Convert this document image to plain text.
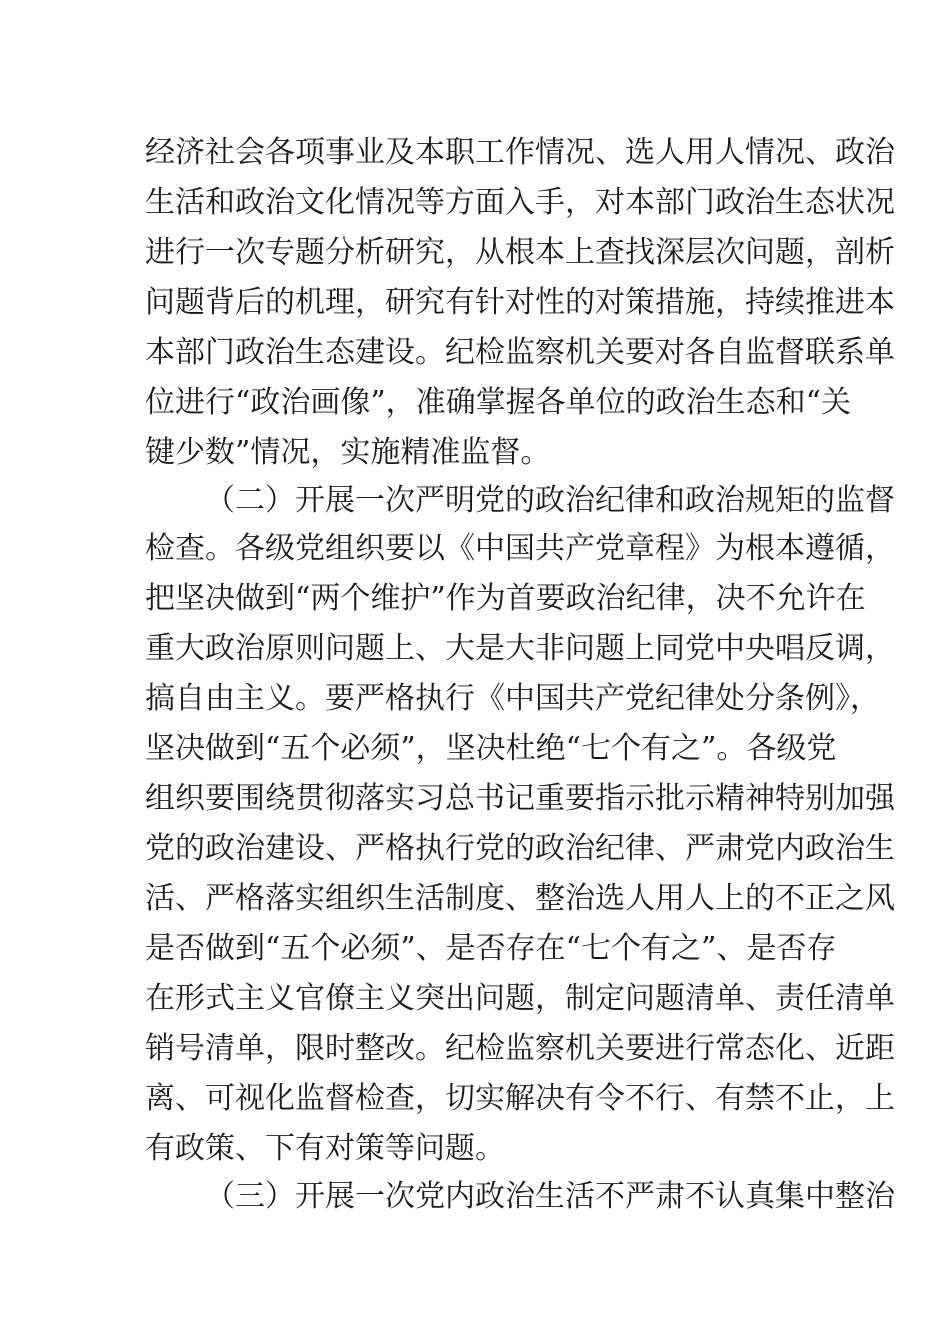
经济社会各项事业及本职工作情况、选人用人情况、政治
生活和政治文化情况等方面入手，对本部门政治生态状况
进行一次专题分析研究，从根本上查找深层次问题，剖析
问题背后的机理，研究有针对性的对策措施，持续推进本
本部门政治生态建设。纪检监察机关要对各自监督联系单
位进行“政治画像”，准确掌握各单位的政治生态和“关
键少数”情况，实施精准监督。
（二）开展一次严明党的政治纪律和政治规矩的监督
检查。各级党组织要以《中国共产党章程》为根本遵循，
把坚决做到“两个维护”作为首要政治纪律，决不允许在
重大政治原则问题上、大是大非问题上同党中央唱反调，
搞自由主义。要严格执行《中国共产党纪律处分条例》，
坚决做到“五个必须”，坚决杜绝“七个有之”。各级党
组织要围绕贯彻落实习总书记重要指示批示精神特别加强
党的政治建设、严格执行党的政治纪律、严肃党内政治生
活、严格落实组织生活制度、整治选人用人上的不正之风
是否做到“五个必须”、是否存在“七个有之”、是否存
在形式主义官僚主义突出问题，制定问题清单、责任清单
销号清单，限时整改。纪检监察机关要进行常态化、近距
离、可视化监督检查，切实解决有令不行、有禁不止，上
有政策、下有对策等问题。
（三）开展一次党内政治生活不严肃不认真集中整治
